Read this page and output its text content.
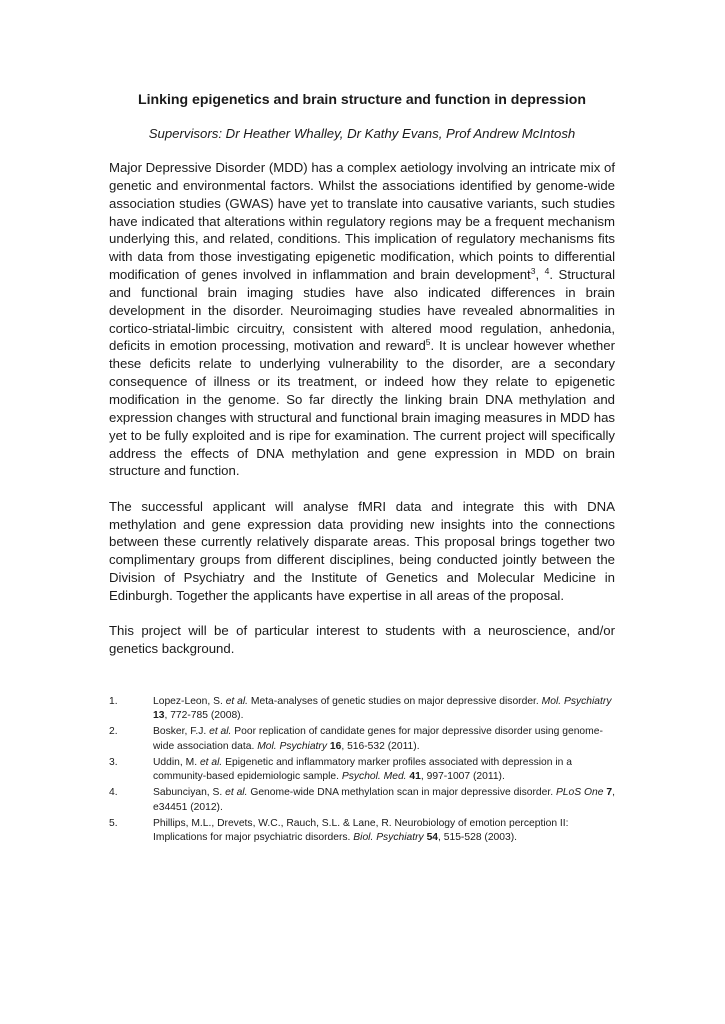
Linking epigenetics and brain structure and function in depression

Supervisors: Dr Heather Whalley, Dr Kathy Evans, Prof Andrew McIntosh

Major Depressive Disorder (MDD) has a complex aetiology involving an intricate mix of genetic and environmental factors. Whilst the associations identified by genome-wide association studies (GWAS) have yet to translate into causative variants, such studies have indicated that alterations within regulatory regions may be a frequent mechanism underlying this, and related, conditions. This implication of regulatory mechanisms fits with data from those investigating epigenetic modification, which points to differential modification of genes involved in inflammation and brain development$^3$, $^4$. Structural and functional brain imaging studies have also indicated differences in brain development in the disorder. Neuroimaging studies have revealed abnormalities in cortico-striatal-limbic circuitry, consistent with altered mood regulation, anhedonia, deficits in emotion processing, motivation and reward$^5$. It is unclear however whether these deficits relate to underlying vulnerability to the disorder, are a secondary consequence of illness or its treatment, or indeed how they relate to epigenetic modification in the genome. So far directly the linking brain DNA methylation and expression changes with structural and functional brain imaging measures in MDD has yet to be fully exploited and is ripe for examination. The current project will specifically address the effects of DNA methylation and gene expression in MDD on brain structure and function.

The successful applicant will analyse fMRI data and integrate this with DNA methylation and gene expression data providing new insights into the connections between these currently relatively disparate areas. This proposal brings together two complimentary groups from different disciplines, being conducted jointly between the Division of Psychiatry and the Institute of Genetics and Molecular Medicine in Edinburgh. Together the applicants have expertise in all areas of the proposal.

This project will be of particular interest to students with a neuroscience, and/or genetics background.

1.	Lopez-Leon, S. et al. Meta-analyses of genetic studies on major depressive disorder. Mol. Psychiatry 13, 772-785 (2008).
2.	Bosker, F.J. et al. Poor replication of candidate genes for major depressive disorder using genome-wide association data. Mol. Psychiatry 16, 516-532 (2011).
3.	Uddin, M. et al. Epigenetic and inflammatory marker profiles associated with depression in a community-based epidemiologic sample. Psychol. Med. 41, 997-1007 (2011).
4.	Sabunciyan, S. et al. Genome-wide DNA methylation scan in major depressive disorder. PLoS One 7, e34451 (2012).
5.	Phillips, M.L., Drevets, W.C., Rauch, S.L. & Lane, R. Neurobiology of emotion perception II: Implications for major psychiatric disorders. Biol. Psychiatry 54, 515-528 (2003).
